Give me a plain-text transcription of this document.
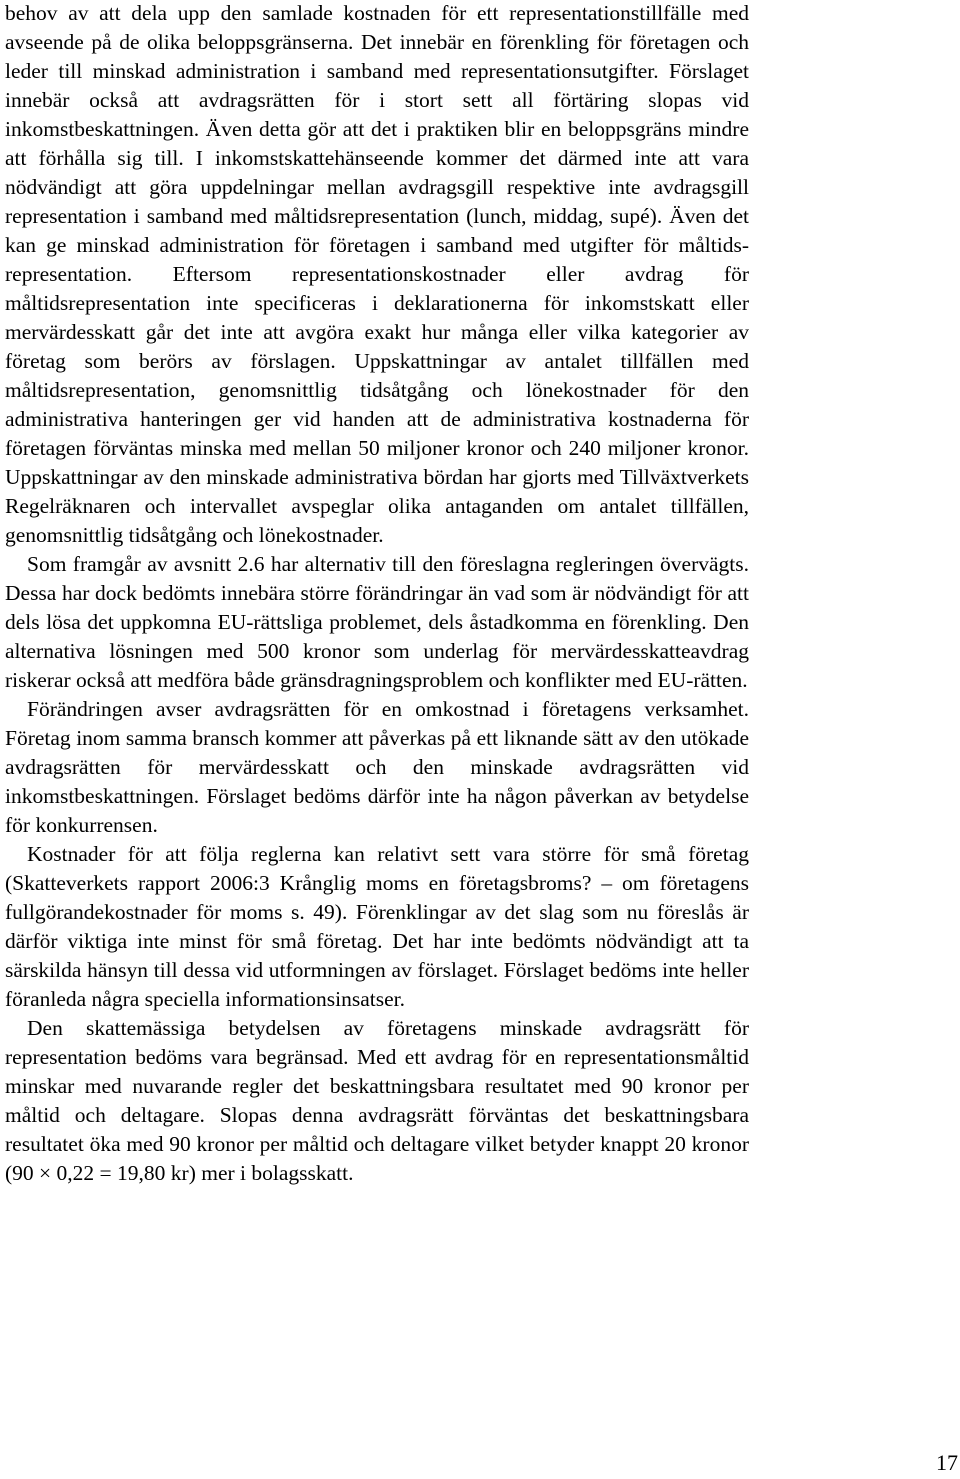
behov av att dela upp den samlade kostnaden för ett representationstillfälle med avseende på de olika beloppsgränserna. Det innebär en förenkling för företagen och leder till minskad administration i samband med representationsutgifter. Förslaget innebär också att avdragsrätten för i stort sett all förtäring slopas vid inkomstbeskattningen. Även detta gör att det i praktiken blir en beloppsgräns mindre att förhålla sig till. I inkomstskattehänseende kommer det därmed inte att vara nödvändigt att göra uppdelningar mellan avdragsgill respektive inte avdragsgill representation i samband med måltidsrepresentation (lunch, middag, supé). Även det kan ge minskad administration för företagen i samband med utgifter för måltidsrepresentation. Eftersom representationskostnader eller avdrag för måltidsrepresentation inte specificeras i deklarationerna för inkomstskatt eller mervärdesskatt går det inte att avgöra exakt hur många eller vilka kategorier av företag som berörs av förslagen. Uppskattningar av antalet tillfällen med måltidsrepresentation, genomsnittlig tidsåtgång och lönekostnader för den administrativa hanteringen ger vid handen att de administrativa kostnaderna för företagen förväntas minska med mellan 50 miljoner kronor och 240 miljoner kronor. Uppskattningar av den minskade administrativa bördan har gjorts med Tillväxtverkets Regelräknaren och intervallet avspeglar olika antaganden om antalet tillfällen, genomsnittlig tidsåtgång och lönekostnader.

Som framgår av avsnitt 2.6 har alternativ till den föreslagna regleringen övervägts. Dessa har dock bedömts innebära större förändringar än vad som är nödvändigt för att dels lösa det uppkomna EU-rättsliga problemet, dels åstadkomma en förenkling. Den alternativa lösningen med 500 kronor som underlag för mervärdesskatteavdrag riskerar också att medföra både gränsdragningsproblem och konflikter med EU-rätten.

Förändringen avser avdragsrätten för en omkostnad i företagens verksamhet. Företag inom samma bransch kommer att påverkas på ett liknande sätt av den utökade avdragsrätten för mervärdesskatt och den minskade avdragsrätten vid inkomstbeskattningen. Förslaget bedöms därför inte ha någon påverkan av betydelse för konkurrensen.

Kostnader för att följa reglerna kan relativt sett vara större för små företag (Skatteverkets rapport 2006:3 Krånglig moms en företagsbroms? – om företagens fullgörandekostnader för moms s. 49). Förenklingar av det slag som nu föreslås är därför viktiga inte minst för små företag. Det har inte bedömts nödvändigt att ta särskilda hänsyn till dessa vid utformningen av förslaget. Förslaget bedöms inte heller föranleda några speciella informationsinsatser.

Den skattemässiga betydelsen av företagens minskade avdragsrätt för representation bedöms vara begränsad. Med ett avdrag för en representationsmåltid minskar med nuvarande regler det beskattningsbara resultatet med 90 kronor per måltid och deltagare. Slopas denna avdragsrätt förväntas det beskattningsbara resultatet öka med 90 kronor per måltid och deltagare vilket betyder knappt 20 kronor (90 × 0,22 = 19,80 kr) mer i bolagsskatt.

17
